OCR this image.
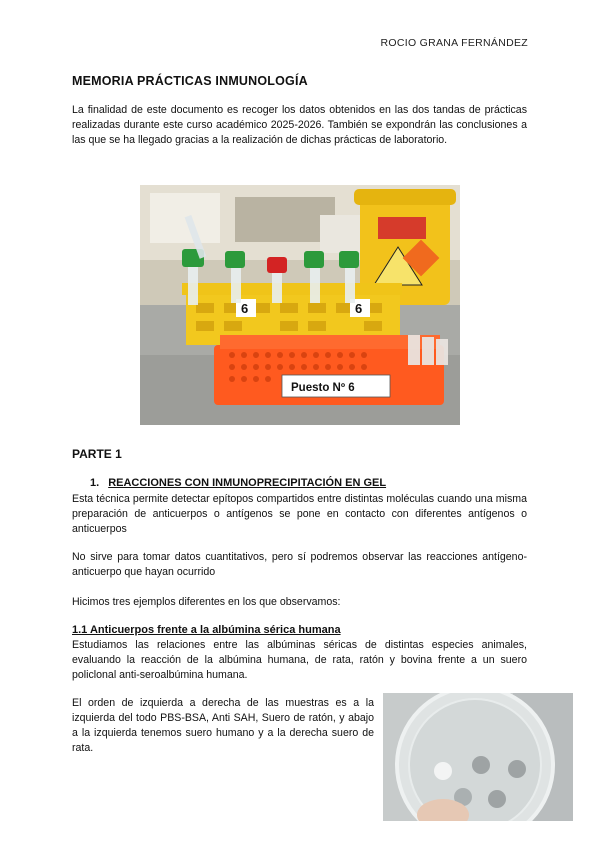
ROCIO GRANA FERNÁNDEZ
MEMORIA PRÁCTICAS INMUNOLOGÍA

La finalidad de este documento es recoger los datos obtenidos en las dos tandas de prácticas realizadas durante este curso académico 2025-2026. También se expondrán las conclusiones a las que se ha llegado gracias a la realización de dichas prácticas de laboratorio.

6	6
Puesto Nº 6
PARTE 1
1. REACCIONES CON INMUNOPRECIPITACIÓN EN GEL

Esta técnica permite detectar epítopos compartidos entre distintas moléculas cuando una misma preparación de anticuerpos o antígenos se pone en contacto con diferentes antígenos o anticuerpos

No sirve para tomar datos cuantitativos, pero sí podremos observar las reacciones antígeno-anticuerpo que hayan ocurrido

Hicimos tres ejemplos diferentes en los que observamos:

1.1 Anticuerpos frente a la albúmina sérica humana

Estudiamos las relaciones entre las albúminas séricas de distintas especies animales, evaluando la reacción de la albúmina humana, de rata, ratón y bovina frente a un suero policlonal anti-seroalbúmina humana.

El orden de izquierda a derecha de las muestras es a la izquierda del todo PBS-BSA, Anti SAH, Suero de ratón, y abajo a la izquierda tenemos suero humano y a la derecha suero de rata.
